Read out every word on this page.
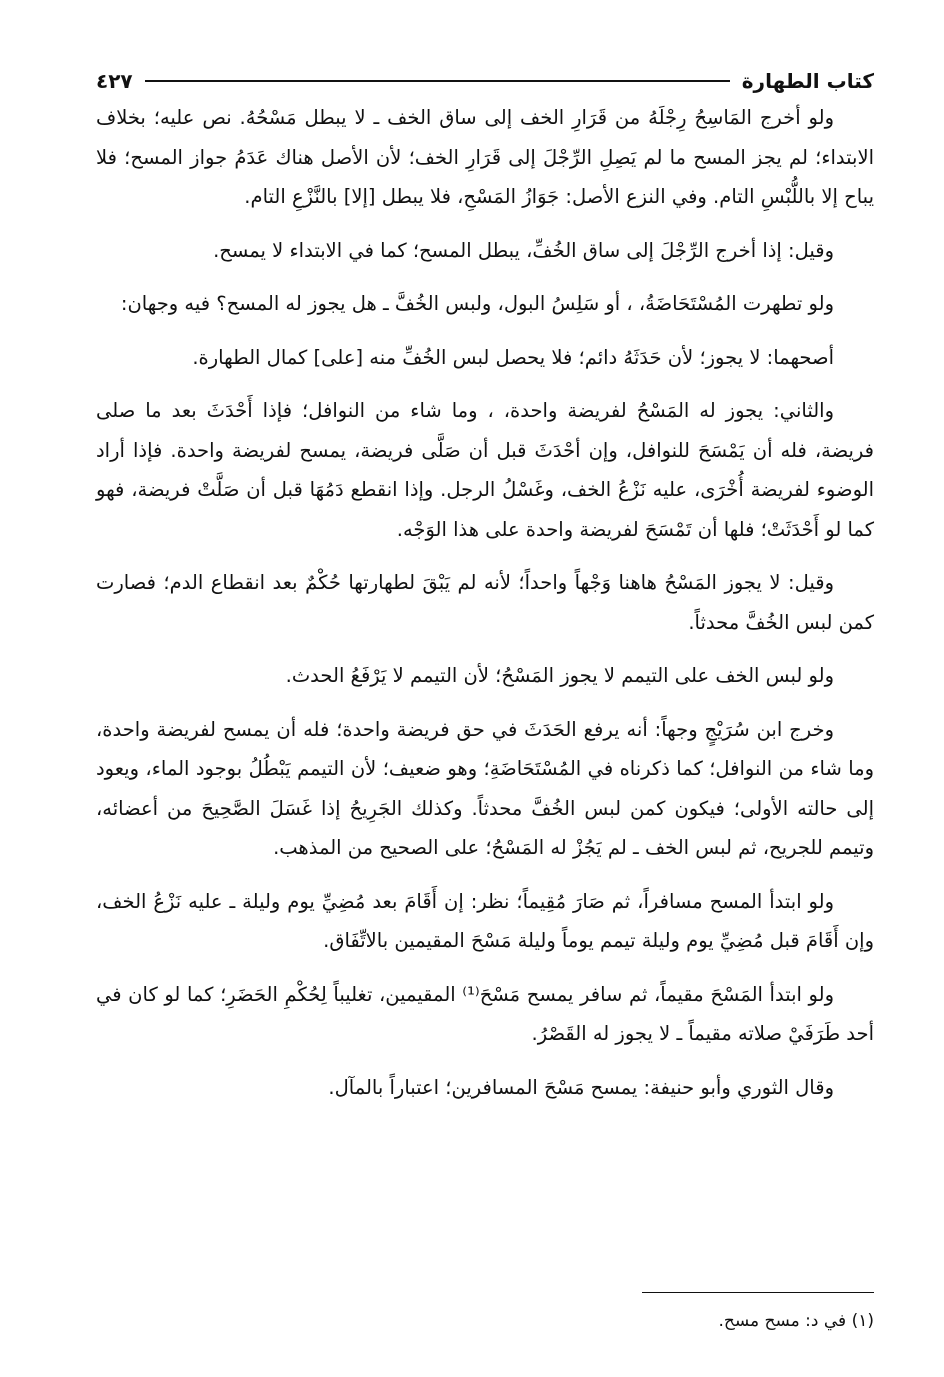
كتاب الطهارة
٤٢٧

ولو أخرج المَاسِحُ رِجْلَهُ من قَرَارِ الخف إلى ساق الخف ـ لا يبطل مَسْحُهُ. نص عليه؛ بخلاف الابتداء؛ لم يجز المسح ما لم يَصِلِ الرِّجْلَ إلى قَرَارِ الخف؛ لأن الأصل هناك عَدَمُ جواز المسح؛ فلا يباح إلا باللُّبْسِ التام. وفي النزع الأصل: جَوَازُ المَسْحِ، فلا يبطل [إلا] بالنَّزْعِ التام.

وقيل: إذا أخرج الرِّجْلَ إلى ساق الخُفِّ، يبطل المسح؛ كما في الابتداء لا يمسح.

ولو تطهرت المُسْتَحَاضَةُ، ، أو سَلِسُ البول، ولبس الخُفَّ ـ هل يجوز له المسح؟ فيه وجهان:

أصحهما: لا يجوز؛ لأن حَدَثَهُ دائم؛ فلا يحصل لبس الخُفِّ منه [على] كمال الطهارة.

والثاني: يجوز له المَسْحُ لفريضة واحدة، ، وما شاء من النوافل؛ فإذا أَحْدَثَ بعد ما صلى فريضة، فله أن يَمْسَحَ للنوافل، وإن أحْدَثَ قبل أن صَلَّى فريضة، يمسح لفريضة واحدة. فإذا أراد الوضوء لفريضة أُخْرَى، عليه نَزْعُ الخف، وغَسْلُ الرجل. وإذا انقطع دَمُهَا قبل أن صَلَّتْ فريضة، فهو كما لو أَحْدَثَتْ؛ فلها أن تَمْسَحَ لفريضة واحدة على هذا الوَجْه.

وقيل: لا يجوز المَسْحُ هاهنا وَجْهاً واحداً؛ لأنه لم يَبْقَ لطهارتها حُكْمٌ بعد انقطاع الدم؛ فصارت كمن لبس الخُفَّ محدثاً.

ولو لبس الخف على التيمم لا يجوز المَسْحُ؛ لأن التيمم لا يَرْفَعُ الحدث.

وخرج ابن سُرَيْجٍ وجهاً: أنه يرفع الحَدَثَ في حق فريضة واحدة؛ فله أن يمسح لفريضة واحدة، وما شاء من النوافل؛ كما ذكرناه في المُسْتَحَاضَةِ؛ وهو ضعيف؛ لأن التيمم يَبْطُلُ بوجود الماء، ويعود إلى حالته الأولى؛ فيكون كمن لبس الخُفَّ محدثاً. وكذلك الجَرِيحُ إذا غَسَلَ الصَّحِيحَ من أعضائه، وتيمم للجريح، ثم لبس الخف ـ لم يَجُزْ له المَسْحُ؛ على الصحيح من المذهب.

ولو ابتدأ المسح مسافراً، ثم صَارَ مُقِيماً؛ نظر: إن أَقَامَ بعد مُضِيِّ يوم وليلة ـ عليه نَزْعُ الخف، وإن أَقَامَ قبل مُضِيِّ يوم وليلة تيمم يوماً وليلة مَسْحَ المقيمين بالاتِّفَاق.

ولو ابتدأ المَسْحَ مقيماً، ثم سافر يمسح مَسْحَ⁽¹⁾ المقيمين، تغليباً لِحُكْمِ الحَضَرِ؛ كما لو كان في أحد طَرَفَيْ صلاته مقيماً ـ لا يجوز له القَصْرُ.

وقال الثوري وأبو حنيفة: يمسح مَسْحَ المسافرين؛ اعتباراً بالمآل.

(١) في د: مسح مسح.
